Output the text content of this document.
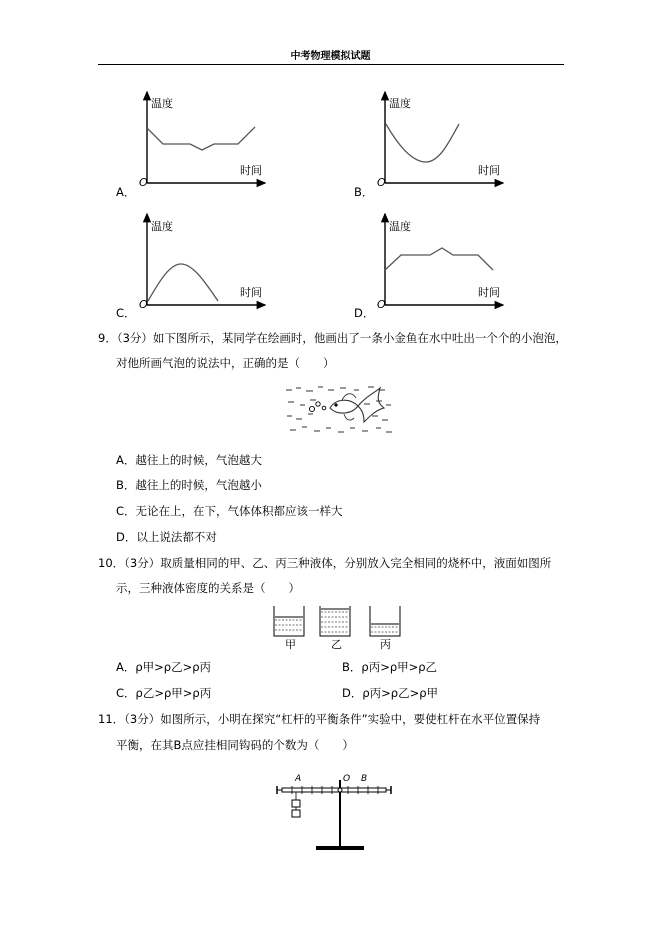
中考物理模拟试题
温度
时间
O
A．
温度
时间
O
B．
温度
时间
O
C．
温度
时间
O
D．
9．（3分）如下图所示，某同学在绘画时，他画出了一条小金鱼在水中吐出一个个的小泡泡，
对他所画气泡的说法中，正确的是（　　）
A．越往上的时候，气泡越大
B．越往上的时候，气泡越小
C．无论在上，在下，气体体积都应该一样大
D．以上说法都不对
10．（3分）取质量相同的甲、乙、丙三种液体，分别放入完全相同的烧杯中，液面如图所
示，三种液体密度的关系是（　　）
甲	乙	丙
A．ρ甲>ρ乙>ρ丙	B．ρ丙>ρ甲>ρ乙
C．ρ乙>ρ甲>ρ丙	D．ρ丙>ρ乙>ρ甲
11．（3分）如图所示，小明在探究“杠杆的平衡条件”实验中，要使杠杆在水平位置保持
平衡，在其B点应挂相同钩码的个数为（　　）
A	O B
